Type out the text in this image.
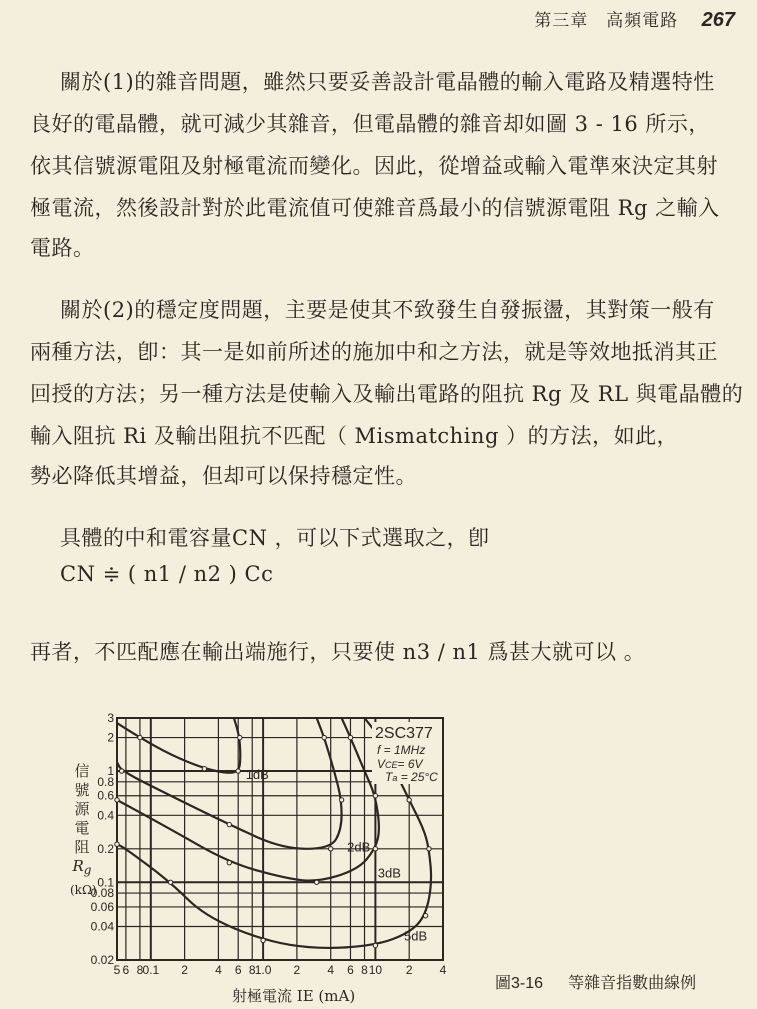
第三章　高頻電路 267
關於(1)的雜音問題，雖然只要妥善設計電晶體的輸入電路及精選特性
良好的電晶體，就可減少其雜音，但電晶體的雜音却如圖 3 - 16 所示，
依其信號源電阻及射極電流而變化。因此，從增益或輸入電準來決定其射
極電流，然後設計對於此電流值可使雜音爲最小的信號源電阻 Rg 之輸入
電路。
關於(2)的穩定度問題，主要是使其不致發生自發振盪，其對策一般有
兩種方法，卽：其一是如前所述的施加中和之方法，就是等效地抵消其正
回授的方法；另一種方法是使輸入及輸出電路的阻抗 Rg 及 RL 與電晶體的
輸入阻抗 Ri 及輸出阻抗不匹配（ Mismatching ）的方法，如此，
勢必降低其增益，但却可以保持穩定性。
具體的中和電容量CN ，可以下式選取之，卽
CN ≑ ( n1 / n2 ) Cc
再者，不匹配應在輸出端施行，只要使 n3 / n1 爲甚大就可以 。
信
號
源
電
阻
$R_g$
(kΩ)
5 6 8 0.1 2 4 6 8 1.0 2 4 6 8 10 2 4
3
2
1
0.8
0.6
0.4
0.2
0.1
0.08
0.06
0.04
0.02
1dB
2dB
3dB
5dB
2SC377
f = 1MHz
VCE= 6V
Ta = 25°C
射極電流 IE (mA)
圖3-16 等雜音指數曲線例
